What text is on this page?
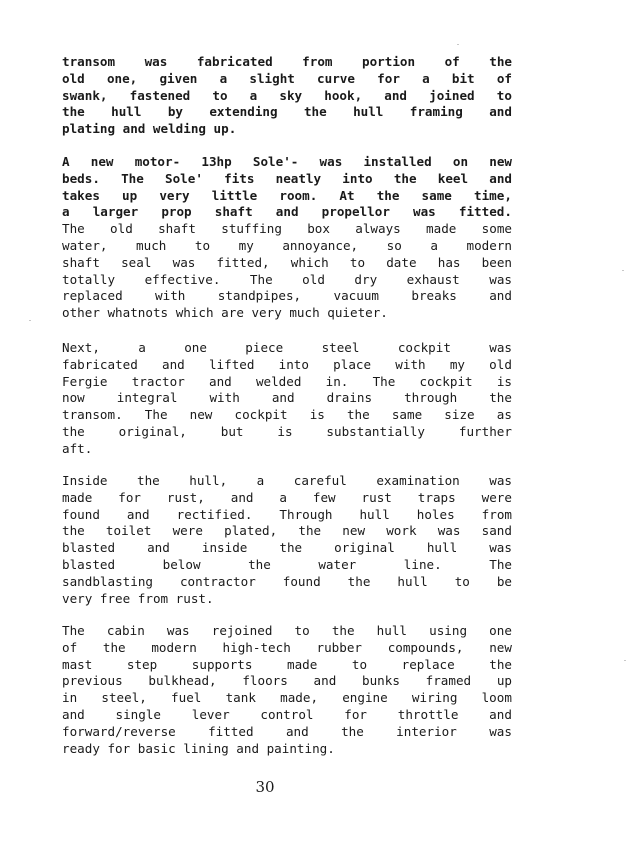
transom was fabricated from portion of the
old one, given a slight curve for a bit of
swank, fastened to a sky hook, and joined to
the hull by extending the hull framing and
plating and welding up.
A new motor- 13hp Sole'- was installed on new
beds. The Sole' fits neatly into the keel and
takes up very little room. At the same time,
a larger prop shaft and propellor was fitted.
The old shaft stuffing box always made some
water, much to my annoyance, so a modern
shaft seal was fitted, which to date has been
totally effective. The old dry exhaust was
replaced	with	standpipes,	vacuum	breaks	and
other whatnots which are very much quieter.
Next,	a	one	piece	steel	cockpit	was
fabricated and lifted into place with my old
Fergie tractor and welded in. The cockpit is
now	integral	with	and	drains	through	the
transom. The new cockpit is the same size as
the	original,	but	is	substantially	further
aft.
Inside the hull, a careful examination was
made for rust, and a few rust traps were
found and rectified. Through hull holes from
the toilet were plated, the new work was sand
blasted	and	inside	the	original	hull	was
blasted	below	the	water	line.	The
sandblasting contractor found the hull to be
very free from rust.
The cabin was rejoined to the hull using one
of the modern high-tech rubber compounds, new
mast	step	supports	made	to	replace	the
previous bulkhead, floors and bunks framed up
in steel, fuel tank made, engine wiring loom
and single lever control for throttle and
forward/reverse	fitted	and	the	interior	was
ready for basic lining and painting.
30
